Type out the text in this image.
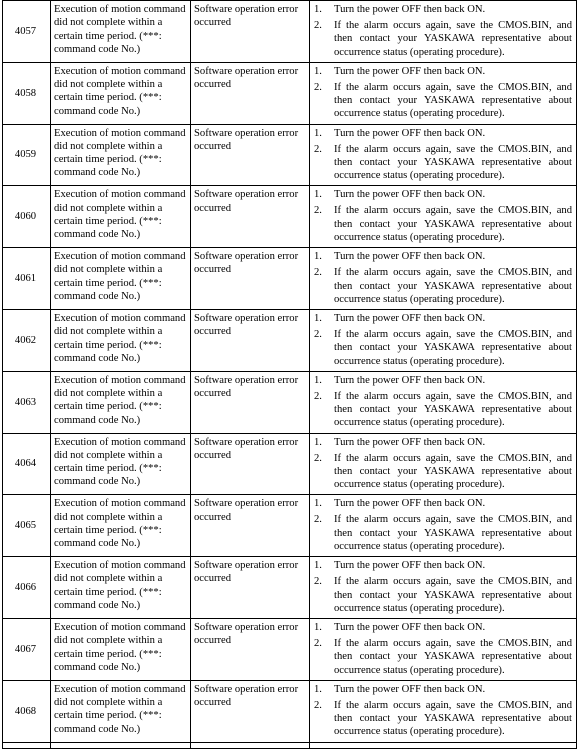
4057	Execution of motion command did not complete within a certain time period. (***: command code No.)	Software operation error occurred	1. Turn the power OFF then back ON.
2. If the alarm occurs again, save the CMOS.BIN, and then contact your YASKAWA representative about occurrence status (operating procedure).

4058	Execution of motion command did not complete within a certain time period. (***: command code No.)	Software operation error occurred	1. Turn the power OFF then back ON.
2. If the alarm occurs again, save the CMOS.BIN, and then contact your YASKAWA representative about occurrence status (operating procedure).

4059	Execution of motion command did not complete within a certain time period. (***: command code No.)	Software operation error occurred	1. Turn the power OFF then back ON.
2. If the alarm occurs again, save the CMOS.BIN, and then contact your YASKAWA representative about occurrence status (operating procedure).

4060	Execution of motion command did not complete within a certain time period. (***: command code No.)	Software operation error occurred	1. Turn the power OFF then back ON.
2. If the alarm occurs again, save the CMOS.BIN, and then contact your YASKAWA representative about occurrence status (operating procedure).

4061	Execution of motion command did not complete within a certain time period. (***: command code No.)	Software operation error occurred	1. Turn the power OFF then back ON.
2. If the alarm occurs again, save the CMOS.BIN, and then contact your YASKAWA representative about occurrence status (operating procedure).

4062	Execution of motion command did not complete within a certain time period. (***: command code No.)	Software operation error occurred	1. Turn the power OFF then back ON.
2. If the alarm occurs again, save the CMOS.BIN, and then contact your YASKAWA representative about occurrence status (operating procedure).

4063	Execution of motion command did not complete within a certain time period. (***: command code No.)	Software operation error occurred	1. Turn the power OFF then back ON.
2. If the alarm occurs again, save the CMOS.BIN, and then contact your YASKAWA representative about occurrence status (operating procedure).

4064	Execution of motion command did not complete within a certain time period. (***: command code No.)	Software operation error occurred	1. Turn the power OFF then back ON.
2. If the alarm occurs again, save the CMOS.BIN, and then contact your YASKAWA representative about occurrence status (operating procedure).

4065	Execution of motion command did not complete within a certain time period. (***: command code No.)	Software operation error occurred	1. Turn the power OFF then back ON.
2. If the alarm occurs again, save the CMOS.BIN, and then contact your YASKAWA representative about occurrence status (operating procedure).

4066	Execution of motion command did not complete within a certain time period. (***: command code No.)	Software operation error occurred	1. Turn the power OFF then back ON.
2. If the alarm occurs again, save the CMOS.BIN, and then contact your YASKAWA representative about occurrence status (operating procedure).

4067	Execution of motion command did not complete within a certain time period. (***: command code No.)	Software operation error occurred	1. Turn the power OFF then back ON.
2. If the alarm occurs again, save the CMOS.BIN, and then contact your YASKAWA representative about occurrence status (operating procedure).

4068	Execution of motion command did not complete within a certain time period. (***: command code No.)	Software operation error occurred	1. Turn the power OFF then back ON.
2. If the alarm occurs again, save the CMOS.BIN, and then contact your YASKAWA representative about occurrence status (operating procedure).
